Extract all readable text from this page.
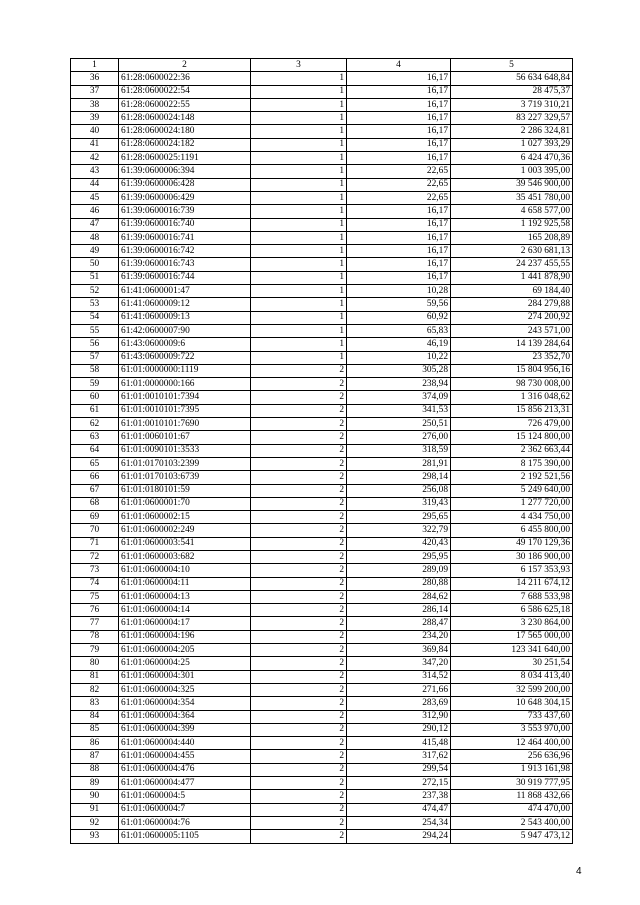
1	2	3	4	5
36	61:28:0600022:36	1	16,17	56 634 648,84
37	61:28:0600022:54	1	16,17	28 475,37
38	61:28:0600022:55	1	16,17	3 719 310,21
39	61:28:0600024:148	1	16,17	83 227 329,57
40	61:28:0600024:180	1	16,17	2 286 324,81
41	61:28:0600024:182	1	16,17	1 027 393,29
42	61:28:0600025:1191	1	16,17	6 424 470,36
43	61:39:0600006:394	1	22,65	1 003 395,00
44	61:39:0600006:428	1	22,65	39 546 900,00
45	61:39:0600006:429	1	22,65	35 451 780,00
46	61:39:0600016:739	1	16,17	4 658 577,00
47	61:39:0600016:740	1	16,17	1 192 925,58
48	61:39:0600016:741	1	16,17	165 208,89
49	61:39:0600016:742	1	16,17	2 630 681,13
50	61:39:0600016:743	1	16,17	24 237 455,55
51	61:39:0600016:744	1	16,17	1 441 878,90
52	61:41:0600001:47	1	10,28	69 184,40
53	61:41:0600009:12	1	59,56	284 279,88
54	61:41:0600009:13	1	60,92	274 200,92
55	61:42:0600007:90	1	65,83	243 571,00
56	61:43:0600009:6	1	46,19	14 139 284,64
57	61:43:0600009:722	1	10,22	23 352,70
58	61:01:0000000:1119	2	305,28	15 804 956,16
59	61:01:0000000:166	2	238,94	98 730 008,00
60	61:01:0010101:7394	2	374,09	1 316 048,62
61	61:01:0010101:7395	2	341,53	15 856 213,31
62	61:01:0010101:7690	2	250,51	726 479,00
63	61:01:0060101:67	2	276,00	15 124 800,00
64	61:01:0090101:3533	2	318,59	2 362 663,44
65	61:01:0170103:2399	2	281,91	8 175 390,00
66	61:01:0170103:6739	2	298,14	2 192 521,56
67	61:01:0180101:59	2	256,08	5 249 640,00
68	61:01:0600001:70	2	319,43	1 277 720,00
69	61:01:0600002:15	2	295,65	4 434 750,00
70	61:01:0600002:249	2	322,79	6 455 800,00
71	61:01:0600003:541	2	420,43	49 170 129,36
72	61:01:0600003:682	2	295,95	30 186 900,00
73	61:01:0600004:10	2	289,09	6 157 353,93
74	61:01:0600004:11	2	280,88	14 211 674,12
75	61:01:0600004:13	2	284,62	7 688 533,98
76	61:01:0600004:14	2	286,14	6 586 625,18
77	61:01:0600004:17	2	288,47	3 230 864,00
78	61:01:0600004:196	2	234,20	17 565 000,00
79	61:01:0600004:205	2	369,84	123 341 640,00
80	61:01:0600004:25	2	347,20	30 251,54
81	61:01:0600004:301	2	314,52	8 034 413,40
82	61:01:0600004:325	2	271,66	32 599 200,00
83	61:01:0600004:354	2	283,69	10 648 304,15
84	61:01:0600004:364	2	312,90	733 437,60
85	61:01:0600004:399	2	290,12	3 553 970,00
86	61:01:0600004:440	2	415,48	12 464 400,00
87	61:01:0600004:455	2	317,62	256 636,96
88	61:01:0600004:476	2	299,54	1 913 161,98
89	61:01:0600004:477	2	272,15	30 919 777,95
90	61:01:0600004:5	2	237,38	11 868 432,66
91	61:01:0600004:7	2	474,47	474 470,00
92	61:01:0600004:76	2	254,34	2 543 400,00
93	61:01:0600005:1105	2	294,24	5 947 473,12
4
